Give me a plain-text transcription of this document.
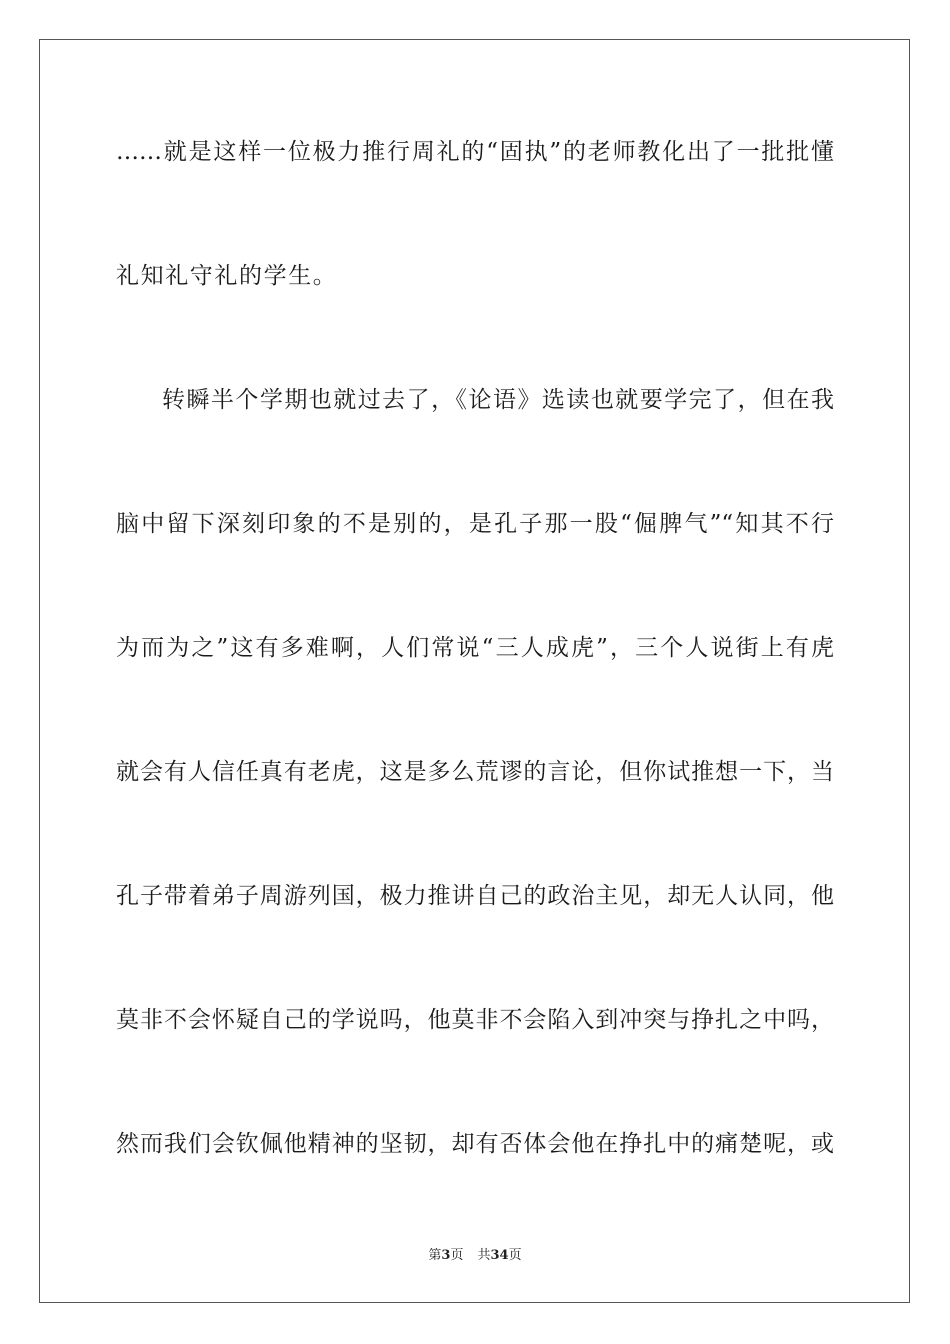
……就是这样一位极力推行周礼的“固执”的老师教化出了一批批懂
礼知礼守礼的学生。
转瞬半个学期也就过去了，《论语》选读也就要学完了，但在我
脑中留下深刻印象的不是别的，是孔子那一股“倔脾气”“知其不行
为而为之”这有多难啊，人们常说“三人成虎”，三个人说街上有虎
就会有人信任真有老虎，这是多么荒谬的言论，但你试推想一下，当
孔子带着弟子周游列国，极力推讲自己的政治主见，却无人认同，他
莫非不会怀疑自己的学说吗，他莫非不会陷入到冲突与挣扎之中吗，
然而我们会钦佩他精神的坚韧，却有否体会他在挣扎中的痛楚呢，或
第3页 共34页
